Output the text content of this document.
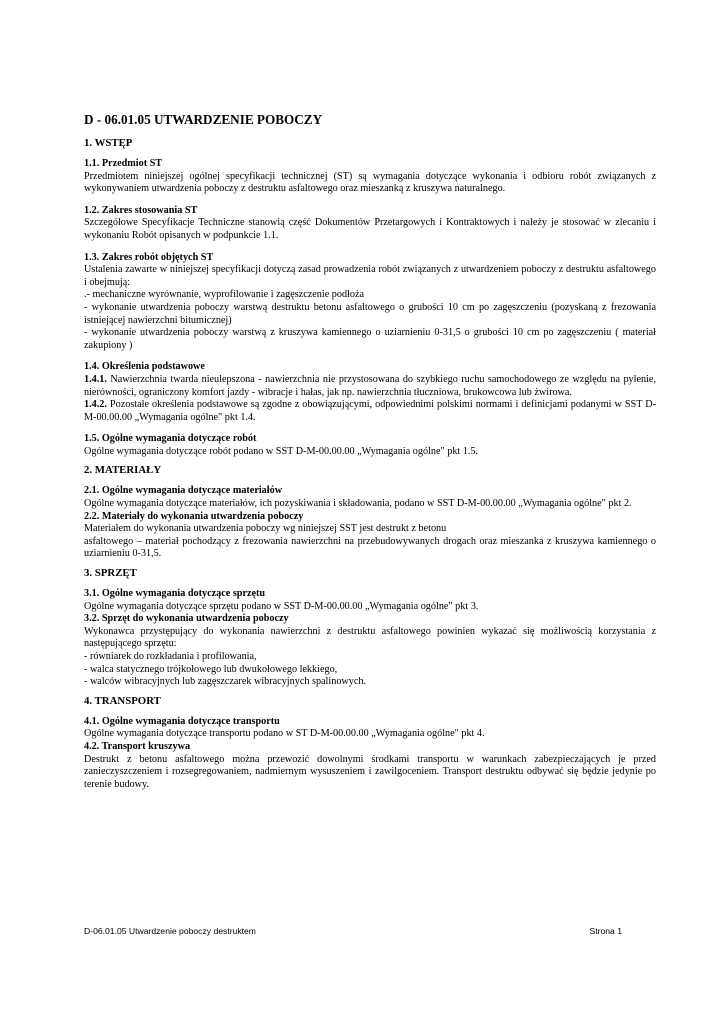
D - 06.01.05 UTWARDZENIE POBOCZY
1. WSTĘP

1.1. Przedmiot ST

Przedmiotem niniejszej ogólnej specyfikacji technicznej (ST) są wymagania dotyczące wykonania i odbioru robót związanych z wykonywaniem utwardzenia poboczy z destruktu asfaltowego oraz mieszanką z kruszywa naturalnego.

1.2. Zakres stosowania ST

Szczegółowe Specyfikacje Techniczne stanowią część Dokumentów Przetargowych i Kontraktowych i należy je stosować w zlecaniu i wykonaniu Robót opisanych w podpunkcie 1.1.

1.3. Zakres robót objętych ST

Ustalenia zawarte w niniejszej specyfikacji dotyczą zasad prowadzenia robót związanych z utwardzeniem poboczy z destruktu asfaltowego i obejmują:

.- mechaniczne wyrównanie, wyprofilowanie i zagęszczenie podłoża
- wykonanie utwardzenia poboczy warstwą destruktu betonu asfaltowego o grubości 10 cm po zagęszczeniu (pozyskaną z frezowania istniejącej nawierzchni bitumicznej)
- wykonanie utwardzenia poboczy warstwą z kruszywa kamiennego o uziarnieniu 0-31,5 o grubości 10 cm po zagęszczeniu ( materiał zakupiony )

1.4. Określenia podstawowe

1.4.1. Nawierzchnia twarda nieulepszona - nawierzchnia nie przystosowana do szybkiego ruchu samochodowego ze względu na pylenie, nierówności, ograniczony komfort jazdy - wibracje i hałas, jak np. nawierzchnia tłuczniowa, brukowcowa lub żwirowa.

1.4.2. Pozostałe określenia podstawowe są zgodne z obowiązującymi, odpowiednimi polskimi normami i definicjami podanymi w SST D-M-00.00.00 „Wymagania ogólne" pkt 1.4.

1.5. Ogólne wymagania dotyczące robót

Ogólne wymagania dotyczące robót podano w SST D-M-00.00.00 „Wymagania ogólne" pkt 1.5.

2. MATERIAŁY

2.1. Ogólne wymagania dotyczące materiałów

Ogólne wymagania dotyczące materiałów, ich pozyskiwania i składowania, podano w SST D-M-00.00.00 „Wymagania ogólne" pkt 2.

2.2. Materiały do wykonania utwardzenia poboczy

Materiałem do wykonania utwardzenia poboczy wg niniejszej SST jest destrukt z betonu

asfaltowego – materiał pochodzący z frezowania nawierzchni na przebudowywanych drogach oraz mieszanka z kruszywa kamiennego o uziarnieniu 0-31,5.

3. SPRZĘT

3.1. Ogólne wymagania dotyczące sprzętu

Ogólne wymagania dotyczące sprzętu podano w SST D-M-00.00.00 „Wymagania ogólne" pkt 3.

3.2. Sprzęt do wykonania utwardzenia poboczy

Wykonawca przystępujący do wykonania nawierzchni z destruktu asfaltowego powinien wykazać się możliwością korzystania z następującego sprzętu:

- równiarek do rozkładania i profilowania,
- walca statycznego trójkołowego lub dwukołowego lekkiego,
- walców wibracyjnych lub zagęszczarek wibracyjnych spalinowych.
4. TRANSPORT

4.1. Ogólne wymagania dotyczące transportu

Ogólne wymagania dotyczące transportu podano w ST D-M-00.00.00 „Wymagania ogólne" pkt 4.

4.2. Transport kruszywa

Destrukt z betonu asfaltowego można przewozić dowolnymi środkami transportu w warunkach zabezpieczających je przed zanieczyszczeniem i rozsegregowaniem, nadmiernym wysuszeniem i zawilgoceniem. Transport destruktu odbywać się będzie jedynie po terenie budowy.

D-06.01.05 Utwardzenie poboczy destruktem	Strona 1
